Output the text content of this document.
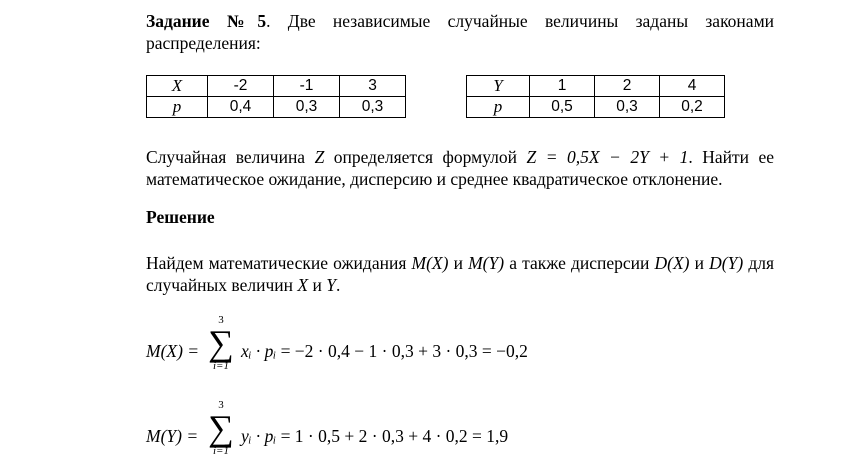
Задание №5. Две независимые случайные величины заданы законами распределения:
X	-2	-1	3
p	0,4	0,3	0,3
Y	1	2	4
p	0,5	0,3	0,2
Случайная величина Z определяется формулой Z = 0,5X − 2Y + 1. Найти ее математическое ожидание, дисперсию и среднее квадратическое отклонение.
Решение
Найдем математические ожидания M(X) и M(Y) а также дисперсии D(X) и D(Y) для случайных величин X и Y.
M(X) =
3
∑
i=1
xᵢ · pᵢ = −2 · 0,4 − 1 · 0,3 + 3 · 0,3 = −0,2
M(Y) =
3
∑
i=1
yᵢ · pᵢ = 1 · 0,5 + 2 · 0,3 + 4 · 0,2 = 1,9
